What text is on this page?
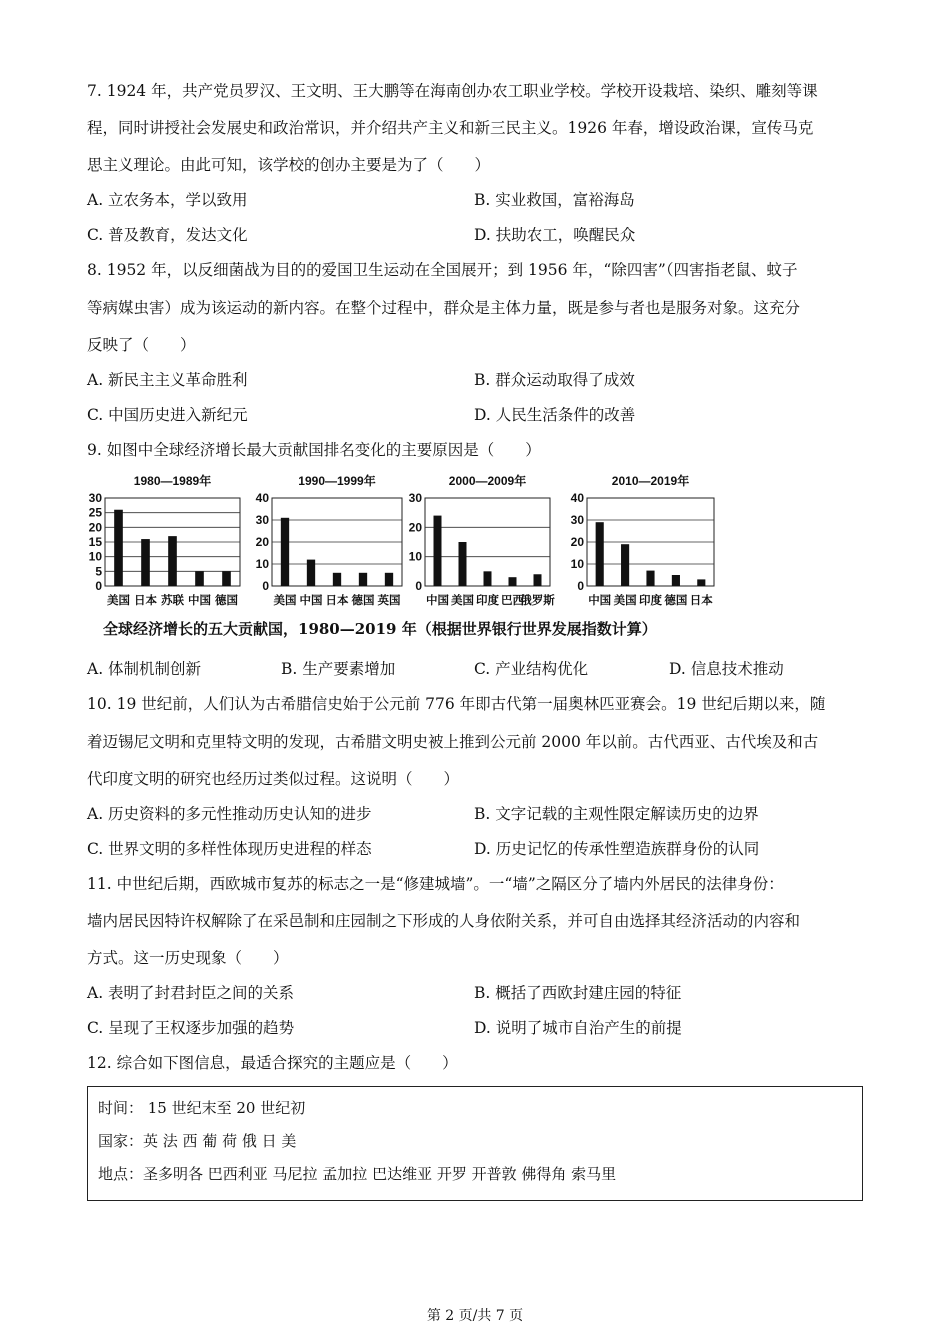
7. 1924 年，共产党员罗汉、王文明、王大鹏等在海南创办农工职业学校。学校开设栽培、染织、雕刻等课
程，同时讲授社会发展史和政治常识，并介绍共产主义和新三民主义。1926 年春，增设政治课，宣传马克
思主义理论。由此可知，该学校的创办主要是为了（　　）
A. 立农务本，学以致用	B. 实业救国，富裕海岛
C. 普及教育，发达文化	D. 扶助农工，唤醒民众
8. 1952 年，以反细菌战为目的的爱国卫生运动在全国展开；到 1956 年，“除四害”（四害指老鼠、蚊子
等病媒虫害）成为该运动的新内容。在整个过程中，群众是主体力量，既是参与者也是服务对象。这充分
反映了（　　）
A. 新民主主义革命胜利	B. 群众运动取得了成效
C. 中国历史进入新纪元	D. 人民生活条件的改善
9. 如图中全球经济增长最大贡献国排名变化的主要原因是（　　）
1980—1989年
0
5
10
15
20
25
30
美国 日本 苏联 中国 德国
1990—1999年
0
10
20
30
40
美国 中国 日本 德国 英国
2000—2009年
0
10
20
30
中国 美国 印度 巴西
俄罗斯
2010—2019年
0
10
20
30
40
中国 美国 印度 德国 日本
全球经济增长的五大贡献国，1980—2019 年（根据世界银行世界发展指数计算）
A. 体制机制创新	B. 生产要素增加	C. 产业结构优化	D. 信息技术推动
10. 19 世纪前，人们认为古希腊信史始于公元前 776 年即古代第一届奥林匹亚赛会。19 世纪后期以来，随
着迈锡尼文明和克里特文明的发现，古希腊文明史被上推到公元前 2000 年以前。古代西亚、古代埃及和古
代印度文明的研究也经历过类似过程。这说明（　　）
A. 历史资料的多元性推动历史认知的进步	B. 文字记载的主观性限定解读历史的边界
C. 世界文明的多样性体现历史进程的样态	D. 历史记忆的传承性塑造族群身份的认同
11. 中世纪后期，西欧城市复苏的标志之一是“修建城墙”。一“墙”之隔区分了墙内外居民的法律身份：
墙内居民因特许权解除了在采邑制和庄园制之下形成的人身依附关系，并可自由选择其经济活动的内容和
方式。这一历史现象（　　）
A. 表明了封君封臣之间的关系	B. 概括了西欧封建庄园的特征
C. 呈现了王权逐步加强的趋势	D. 说明了城市自治产生的前提
12. 综合如下图信息，最适合探究的主题应是（　　）
时间： 15 世纪末至 20 世纪初
国家：英 法 西 葡 荷 俄 日 美
地点：圣多明各 巴西利亚 马尼拉 孟加拉 巴达维亚 开罗 开普敦 佛得角 索马里
第 2 页/共 7 页
